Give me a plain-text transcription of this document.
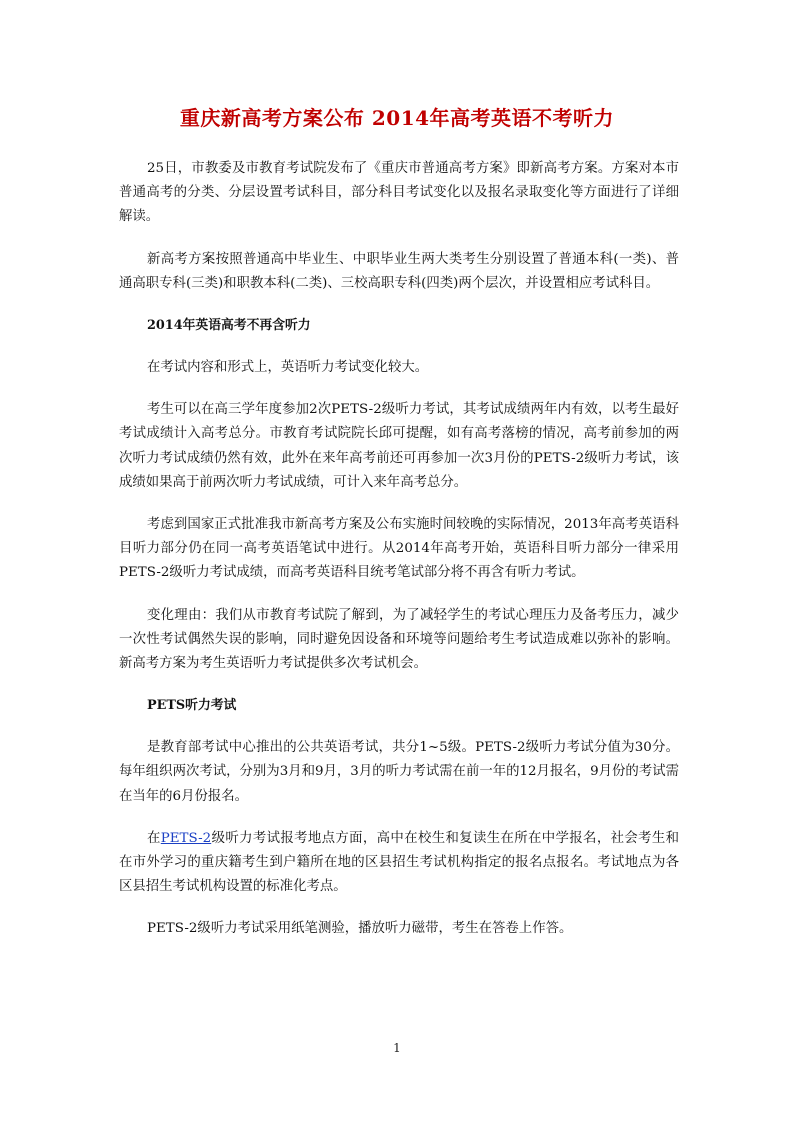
重庆新高考方案公布 2014年高考英语不考听力

25日，市教委及市教育考试院发布了《重庆市普通高考方案》即新高考方案。方案对本市普通高考的分类、分层设置考试科目，部分科目考试变化以及报名录取变化等方面进行了详细解读。

新高考方案按照普通高中毕业生、中职毕业生两大类考生分别设置了普通本科(一类)、普通高职专科(三类)和职教本科(二类)、三校高职专科(四类)两个层次，并设置相应考试科目。

2014年英语高考不再含听力

在考试内容和形式上，英语听力考试变化较大。

考生可以在高三学年度参加2次PETS-2级听力考试，其考试成绩两年内有效，以考生最好考试成绩计入高考总分。市教育考试院院长邱可提醒，如有高考落榜的情况，高考前参加的两次听力考试成绩仍然有效，此外在来年高考前还可再参加一次3月份的PETS-2级听力考试，该成绩如果高于前两次听力考试成绩，可计入来年高考总分。

考虑到国家正式批准我市新高考方案及公布实施时间较晚的实际情况，2013年高考英语科目听力部分仍在同一高考英语笔试中进行。从2014年高考开始，英语科目听力部分一律采用PETS-2级听力考试成绩，而高考英语科目统考笔试部分将不再含有听力考试。

变化理由：我们从市教育考试院了解到，为了减轻学生的考试心理压力及备考压力，减少一次性考试偶然失误的影响，同时避免因设备和环境等问题给考生考试造成难以弥补的影响。新高考方案为考生英语听力考试提供多次考试机会。

PETS听力考试

是教育部考试中心推出的公共英语考试，共分1~5级。PETS-2级听力考试分值为30分。每年组织两次考试，分别为3月和9月，3月的听力考试需在前一年的12月报名，9月份的考试需在当年的6月份报名。

在PETS-2级听力考试报考地点方面，高中在校生和复读生在所在中学报名，社会考生和在市外学习的重庆籍考生到户籍所在地的区县招生考试机构指定的报名点报名。考试地点为各区县招生考试机构设置的标准化考点。

PETS-2级听力考试采用纸笔测验，播放听力磁带，考生在答卷上作答。

1
